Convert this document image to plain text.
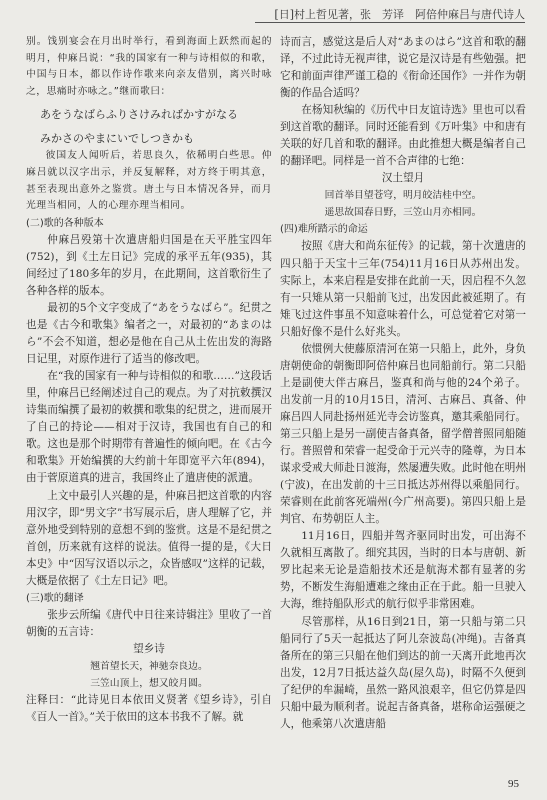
[日]村上哲见著，张　芳译　阿倍仲麻吕与唐代诗人

别。饯别宴会在月出时举行，看到海面上跃然而起的明月，仲麻吕说：“我的国家有一种与诗相似的和歌，中国与日本，都以作诗作歌来向亲友借别，离兴时咏之，思痛时亦咏之。”继而歌曰：

あをうなばらふりさけみればかすがなる

みかさのやまにいでしつきかも

彼国友人闻听后，若思良久，依稀明白些思。仲麻吕就以汉字出示，并反复解释，对方终于明其意，甚至表现出意外之鉴赏。唐土与日本情况各异，而月光理当相同，人的心理亦理当相同。

(二)歌的各种版本

仲麻吕殁第十次遣唐船归国是在天平胜宝四年(752)，到《土左日记》完成的承平五年(935)，其间经过了180多年的岁月，在此期间，这首歌衍生了各种各样的版本。

最初的5个文字变成了“あをうなばら”。纪贯之也是《古今和歌集》编者之一，对最初的“あまのはら”不会不知道，想必是他在自己从土佐出发的海路日记里，对原作进行了适当的修改吧。

在“我的国家有一种与诗相似的和歌……”这段话里，仲麻吕已经阐述过自己的观点。为了对抗敕撰汉诗集而编撰了最初的敕撰和歌集的纪贯之，进而展开了自己的持论——相对于汉诗，我国也有自己的和歌。这也是那个时期带有普遍性的倾向吧。在《古今和歌集》开始编撰的大约前十年即宽平六年(894)，由于菅原道真的进言，我国终止了遣唐使的派遣。

上文中最引人兴趣的是，仲麻吕把这首歌的内容用汉字，即“男文字”书写展示后，唐人理解了它，并意外地受到特别的意想不到的鉴赏。这是不是纪贯之首创，历来就有这样的说法。值得一提的是，《大日本史》中“因写汉语以示之，众皆感叹”这样的记载，大概是依据了《土左日记》吧。

(三)歌的翻译

张步云所编《唐代中日往来诗辑注》里收了一首朝衡的五言诗：

望乡诗

翘首望长天，神驰奈良边。

三笠山顶上，想又皎月圆。

注释曰：“此诗见日本依田义贤著《望乡诗》，引自《百人一首》。”关于依田的这本书我不了解。就

诗而言，感觉这是后人对“あまのはら”这首和歌的翻译，不过此诗无视声律，说它是汉诗是有些勉强。把它和前面声律严谨工稳的《衔命还国作》一并作为朝衡的作品合适吗？

在杨知秋编的《历代中日友谊诗选》里也可以看到这首歌的翻译。同时还能看到《万叶集》中和唐有关联的好几首和歌的翻译。由此推想大概是编者自己的翻译吧。同样是一首不合声律的七绝：

汉土望月

回首举目望苍穹，明月皎洁桂中空。

遥思故国春日野，三笠山月亦相同。

(四)难所踏示的命运

按照《唐大和尚东征传》的记载，第十次遣唐的四只船于天宝十三年(754)11月16日从苏州出发。实际上，本来启程是安排在此前一天，因启程不久忽有一只雉从第一只船前飞过，出发因此被延期了。有雉飞过这件事虽不知意味着什么，可总觉着它对第一只船好像不是什么好兆头。

依惯例大使藤原清河在第一只船上，此外，身负唐朝使命的朝衡即阿倍仲麻吕也同船前行。第二只船上是副使大伴古麻吕，鉴真和尚与他的24个弟子。出发前一月的10月15日，清河、古麻吕、真备、仲麻吕四人同赴扬州延光寺会访鉴真，邀其乘船同行。第三只船上是另一副使吉备真备，留学僧普照同船随行。普照曾和荣睿一起受命于元兴寺的隆尊，为日本谋求受戒大师赴日渡海，然屡遭失败。此时他在明州(宁波)，在出发前的十三日抵达苏州得以乘船同行。荣睿则在此前客死端州(今广州高要)。第四只船上是判官、布势朝臣人主。

11月16日，四船并驾齐驱同时出发，可出海不久就相互离散了。细究其因，当时的日本与唐朝、新罗比起来无论是造船技术还是航海术都有显著的劣势，不断发生海船遭难之缘由正在于此。船一旦驶入大海，维持船队形式的航行似乎非常困难。

尽管那样，从16日到21日，第一只船与第二只船同行了5天一起抵达了阿儿奈波岛(冲绳)。吉备真备所在的第三只船在他们到达的前一天离开此地再次出发，12月7日抵达益久岛(屋久岛)，时隔不久便到了纪伊的牟漏崎，虽然一路风浪艰辛，但它仍算是四只船中最为顺利者。说起吉备真备，堪称命运强硬之人，他乘第八次遣唐船

95
